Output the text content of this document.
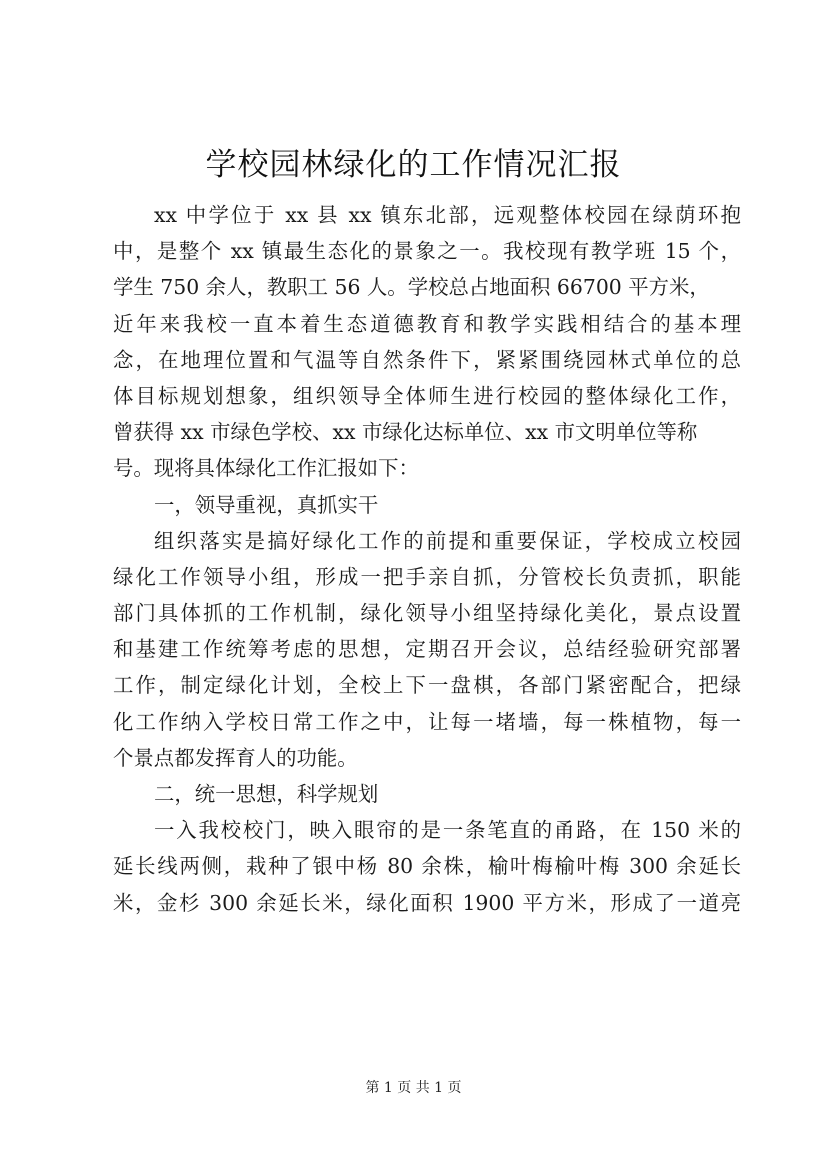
学校园林绿化的工作情况汇报
xx 中学位于 xx 县 xx 镇东北部，远观整体校园在绿荫环抱
中，是整个 xx 镇最生态化的景象之一。我校现有教学班 15 个，
学生 750 余人，教职工 56 人。学校总占地面积 66700 平方米，
近年来我校一直本着生态道德教育和教学实践相结合的基本理
念，在地理位置和气温等自然条件下，紧紧围绕园林式单位的总
体目标规划想象，组织领导全体师生进行校园的整体绿化工作，
曾获得 xx 市绿色学校、xx 市绿化达标单位、xx 市文明单位等称
号。现将具体绿化工作汇报如下：
一，领导重视，真抓实干
组织落实是搞好绿化工作的前提和重要保证，学校成立校园
绿化工作领导小组，形成一把手亲自抓，分管校长负责抓，职能
部门具体抓的工作机制，绿化领导小组坚持绿化美化，景点设置
和基建工作统筹考虑的思想，定期召开会议，总结经验研究部署
工作，制定绿化计划，全校上下一盘棋，各部门紧密配合，把绿
化工作纳入学校日常工作之中，让每一堵墙，每一株植物，每一
个景点都发挥育人的功能。
二，统一思想，科学规划
一入我校校门，映入眼帘的是一条笔直的甬路，在 150 米的
延长线两侧，栽种了银中杨 80 余株，榆叶梅榆叶梅 300 余延长
米，金杉 300 余延长米，绿化面积 1900 平方米，形成了一道亮
第 1 页 共 1 页
